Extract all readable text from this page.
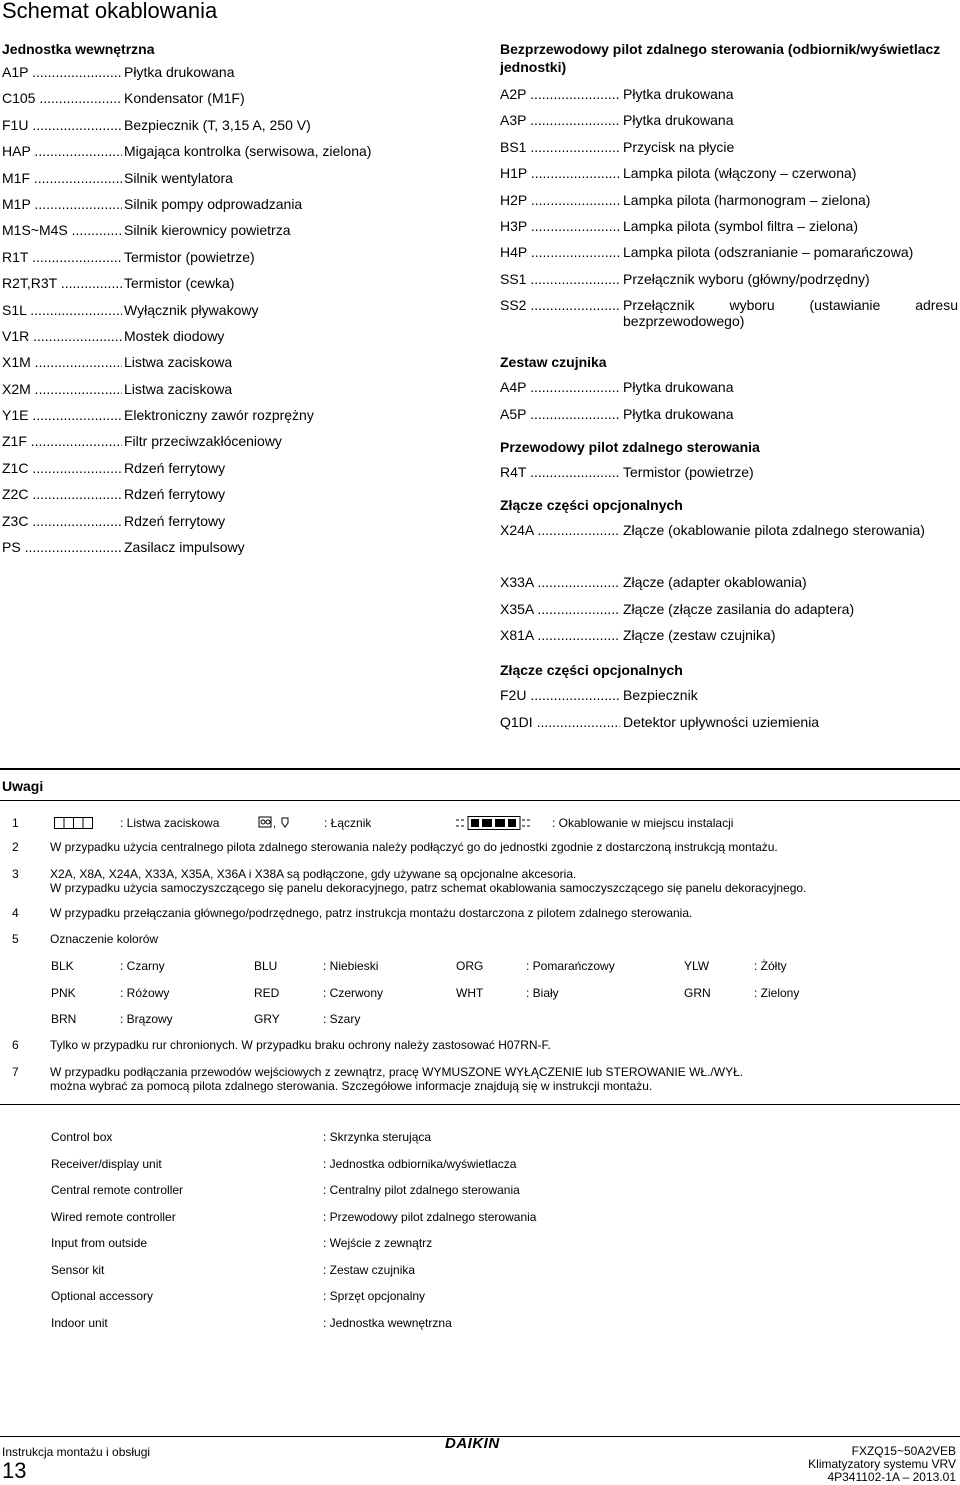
Schemat okablowania
Jednostka wewnętrzna
A1P .....	Płytka drukowana
C105 .....	Kondensator (M1F)
F1U .....	Bezpiecznik (T, 3,15 A, 250 V)
HAP .....	Migająca kontrolka (serwisowa, zielona)
M1F .....	Silnik wentylatora
M1P .....	Silnik pompy odprowadzania
M1S~M4S .....	Silnik kierownicy powietrza
R1T .....	Termistor (powietrze)
R2T,R3T .....	Termistor (cewka)
S1L .....	Wyłącznik pływakowy
V1R .....	Mostek diodowy
X1M .....	Listwa zaciskowa
X2M .....	Listwa zaciskowa
Y1E .....	Elektroniczny zawór rozprężny
Z1F .....	Filtr przeciwzakłóceniowy
Z1C .....	Rdzeń ferrytowy
Z2C .....	Rdzeń ferrytowy
Z3C .....	Rdzeń ferrytowy
PS .....	Zasilacz impulsowy
Bezprzewodowy pilot zdalnego sterowania (odbiornik/wyświetlacz jednostki)
A2P .....	Płytka drukowana
A3P .....	Płytka drukowana
BS1 .....	Przycisk na płycie
H1P .....	Lampka pilota (włączony – czerwona)
H2P .....	Lampka pilota (harmonogram – zielona)
H3P .....	Lampka pilota (symbol filtra – zielona)
H4P .....	Lampka pilota (odszranianie – pomarańczowa)
SS1 .....	Przełącznik wyboru (główny/podrzędny)
SS2 .....	Przełącznik wyboru (ustawianie adresu bezprzewodowego)
Zestaw czujnika
A4P .....	Płytka drukowana
A5P .....	Płytka drukowana
Przewodowy pilot zdalnego sterowania
R4T .....	Termistor (powietrze)
Złącze części opcjonalnych
X24A .....	Złącze (okablowanie pilota zdalnego sterowania)
X33A .....	Złącze (adapter okablowania)
X35A .....	Złącze (złącze zasilania do adaptera)
X81A .....	Złącze (zestaw czujnika)
Złącze części opcjonalnych
F2U .....	Bezpiecznik
Q1DI .....	Detektor upływności uziemienia
Uwagi
1	: Listwa zaciskowa	,	: Łącznik	: Okablowanie w miejscu instalacji
2	W przypadku użycia centralnego pilota zdalnego sterowania należy podłączyć go do jednostki zgodnie z dostarczoną instrukcją montażu.
3	X2A, X8A, X24A, X33A, X35A, X36A i X38A są podłączone, gdy używane są opcjonalne akcesoria.
W przypadku użycia samoczyszczącego się panelu dekoracyjnego, patrz schemat okablowania samoczyszczącego się panelu dekoracyjnego.
4	W przypadku przełączania głównego/podrzędnego, patrz instrukcja montażu dostarczona z pilotem zdalnego sterowania.
5	Oznaczenie kolorów
BLK	: Czarny	BLU	: Niebieski	ORG	: Pomarańczowy	YLW	: Żółty
PNK	: Różowy	RED	: Czerwony	WHT	: Biały	GRN	: Zielony
BRN	: Brązowy	GRY	: Szary
6	Tylko w przypadku rur chronionych. W przypadku braku ochrony należy zastosować H07RN-F.
7	W przypadku podłączania przewodów wejściowych z zewnątrz, pracę WYMUSZONE WYŁĄCZENIE lub STEROWANIE WŁ./WYŁ.
można wybrać za pomocą pilota zdalnego sterowania. Szczegółowe informacje znajdują się w instrukcji montażu.
Control box	: Skrzynka sterująca
Receiver/display unit	: Jednostka odbiornika/wyświetlacza
Central remote controller	: Centralny pilot zdalnego sterowania
Wired remote controller	: Przewodowy pilot zdalnego sterowania
Input from outside	: Wejście z zewnątrz
Sensor kit	: Zestaw czujnika
Optional accessory	: Sprzęt opcjonalny
Indoor unit	: Jednostka wewnętrzna
Instrukcja montażu i obsługi
13
DAIKIN	FXZQ15~50A2VEB
Klimatyzatory systemu VRV
4P341102-1A – 2013.01
